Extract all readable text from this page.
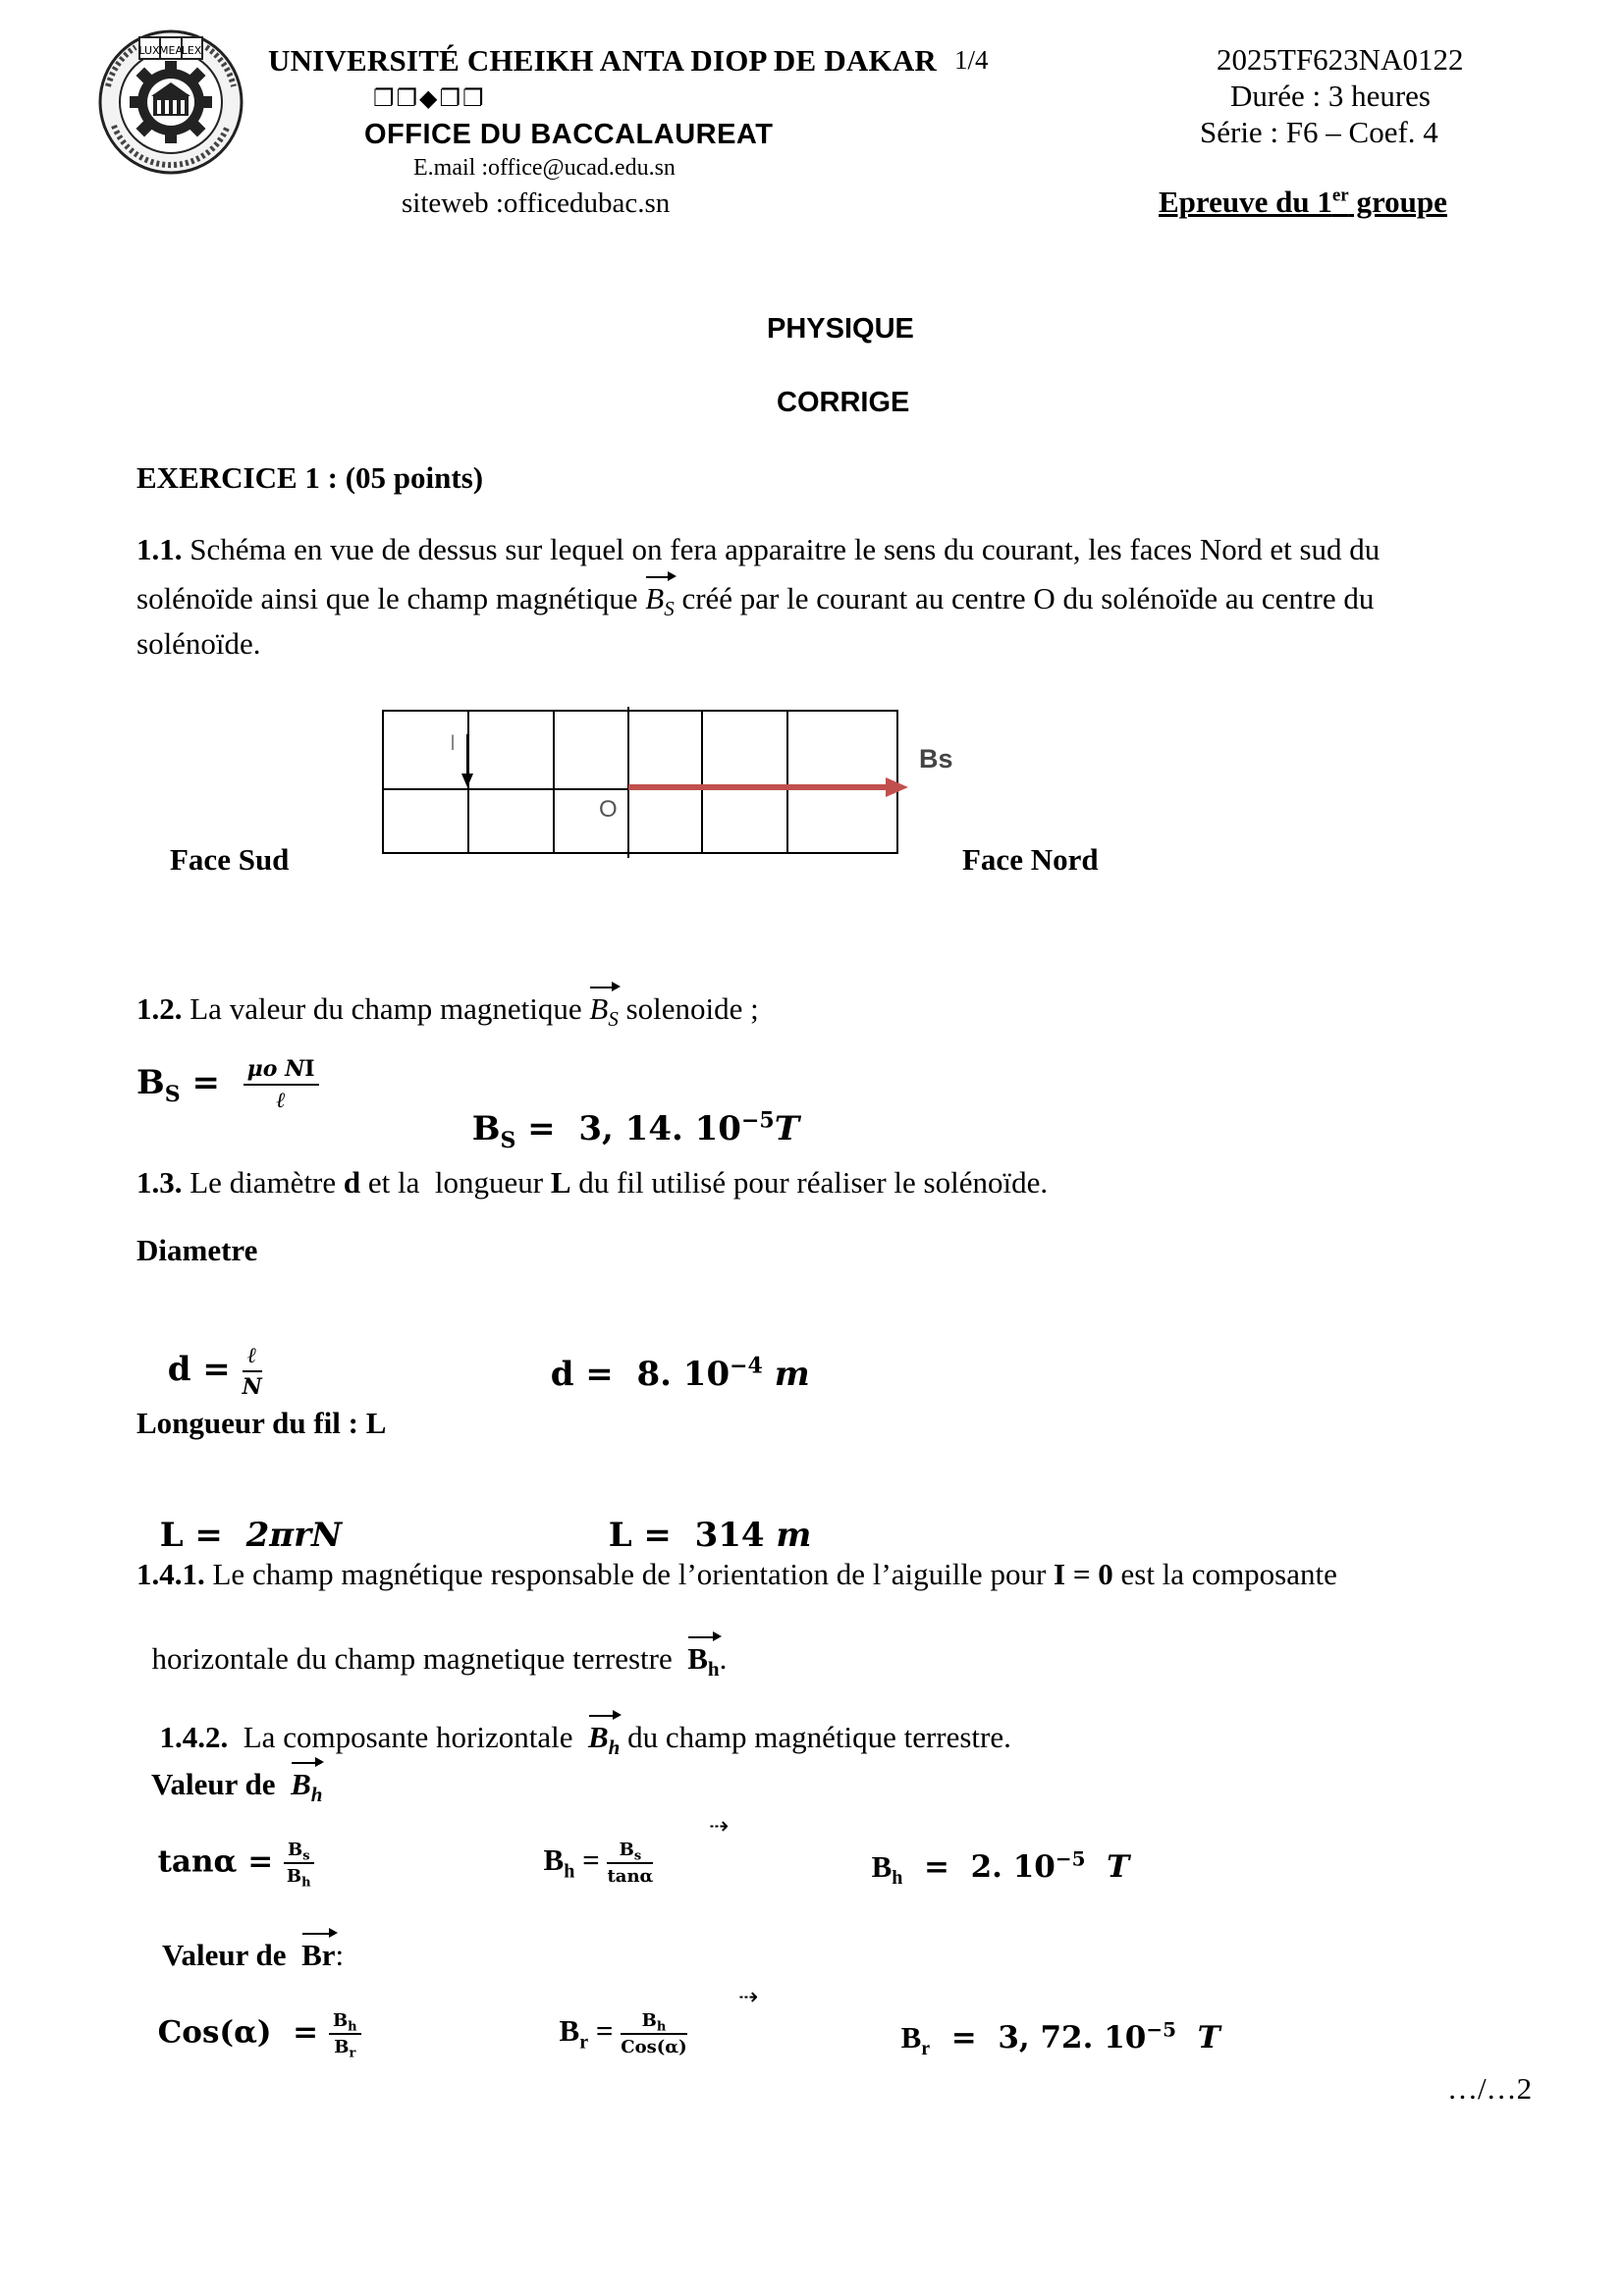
LUX MEA
LEX UNIVERSITÉ CHEIKH ANTA DIOP DE DAKAR
❐❐◆❐❐
OFFICE DU BACCALAUREAT
E.mail :office@ucad.edu.sn
siteweb :officedubac.sn
1/4	2025TF623NA0122
Durée : 3 heures
Série : F6 – Coef. 4
Epreuve du 1er groupe
PHYSIQUE
CORRIGE
EXERCICE 1 : (05 points)
1.1. Schéma en vue de dessus sur lequel on fera apparaitre le sens du courant, les faces Nord et sud du
solénoïde ainsi que le champ magnétique $B_S$ créé par le courant au centre O du solénoïde au centre du
solénoïde.
I
O
Bs
Face Sud	Face Nord
1.2. La valeur du champ magnetique $B_S$ solenoide ;
$B_S = \frac{\text{μo NI}}{\text{ℓ}}$

$B_S = 3$, 14. $10^{-5}T$

1.3. Le diamètre d et la  longueur L du fil utilisé pour réaliser le solénoïde.
Diametre

$d = \frac{\text{ℓ}}{N}$	d =  8. $10^{-4}$ m

Longueur du fil : L

L =  2πrN	L =  314 m

1.4.1. Le champ magnétique responsable de l’orientation de l’aiguille pour I = 0 est la composante

horizontale du champ magnetique terrestre  $B_h$.

1.4.2.  La composante horizontale  $B_h$ du champ magnétique terrestre.

Valeur de  $B_h$

$\tan\alpha = \frac{B_s}{B_h}$	$B_h = \frac{B_s}{\tan\alpha}$

⇢

$B_h = 2$. $10^{-5}$ T

Valeur de  Br:

$Cos(\alpha) = \frac{B_h}{B_r}$	$B_r = \frac{B_h}{\text{Cos(α)}}$

⇢

$B_r = 3$, 72. $10^{-5}$ T

…/…2
